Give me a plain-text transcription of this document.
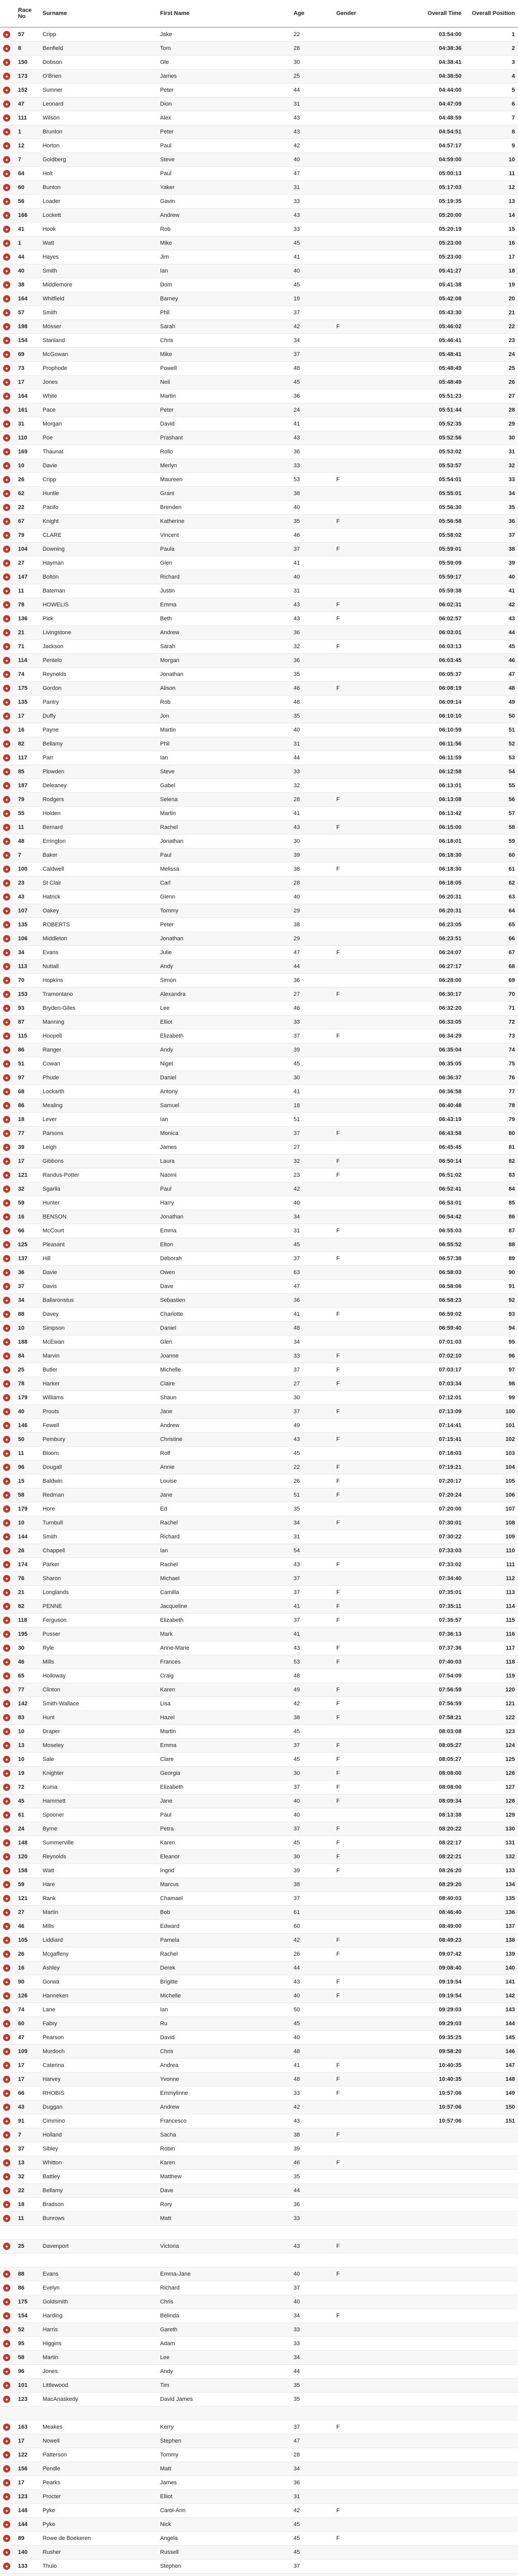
	Race No	Surname	First Name	Age	Gender	Overall Time	Overall Position
●	57	Cripp	Jake	22		03:54:00	1
●	8	Benfield	Tom	28		04:38:36	2
●	150	Dobson	Ole	30		04:38:41	3
●	173	O'Brien	James	25		04:38:50	4
●	152	Sumner	Peter	44		04:44:00	5
●	47	Leonard	Dion	31		04:47:09	6
●	111	Wilson	Alex	43		04:48:59	7
●	1	Brunton	Peter	43		04:54:51	8
●	12	Horton	Paul	42		04:57:17	9
●	7	Goldberg	Steve	40		04:59:00	10
●	64	Holt	Paul	47		05:00:13	11
●	60	Bunton	Yaker	31		05:17:03	12
●	56	Loader	Gavin	33		05:19:35	13
●	166	Lockett	Andrew	43		05:20:00	14
●	41	Hook	Rob	33		05:20:19	15
●	1	Watt	Mike	45		05:23:00	16
●	44	Hayes	Jim	41		05:23:00	17
●	40	Smith	Ian	40		05:41:27	18
●	38	Middlemore	Dom	45		05:41:38	19
●	164	Whitfield	Barney	19		05:42:08	20
●	57	Smith	Phil	37		05:43:30	21
●	198	Mosser	Sarah	42	F	05:46:02	22
●	154	Stanland	Chris	34		05:46:41	23
●	69	McGowan	Mike	37		05:48:41	24
●	73	Prophode	Powell	48		05:48:49	25
●	17	Jones	Neil	45		05:48:49	26
●	164	White	Martin	36		05:51:23	27
●	161	Pace	Peter	24		05:51:44	28
●	31	Morgan	David	41		05:52:35	29
●	110	Poe	Prashant	43		05:52:56	30
●	169	Thaunat	Rollo	36		05:53:02	31
●	10	Davie	Merlyn	33		05:53:57	32
●	26	Cripp	Maureen	53	F	05:54:01	33
●	62	Huntle	Grant	38		05:55:01	34
●	22	Pacifo	Brenden	40		05:56:30	35
●	67	Knight	Katherine	35	F	05:56:58	36
●	79	CLARE	Vincent	46		05:58:02	37
●	104	Downing	Paula	37	F	05:59:01	38
●	27	Hayman	Glen	41		05:59:09	39
●	147	Bolton	Richard	40		05:59:17	40
●	11	Bateman	Justin	31		05:59:38	41
●	78	HOWELIS	Emma	43	F	06:02:31	42
●	136	Pick	Beth	43	F	06:02:57	43
●	21	Livingstone	Andrew	36		06:03:01	44
●	71	Jackson	Sarah	32	F	06:03:13	45
●	114	Pentelo	Morgan	36		06:03:45	46
●	74	Reynolds	Jonathan	35		06:05:37	47
●	175	Gordon	Alison	46	F	06:08:19	48
●	135	Pantry	Rob	48		06:09:14	49
●	17	Duffy	Jon	35		06:10:10	50
●	16	Payne	Martin	40		06:10:59	51
●	82	Bellamy	Phil	31		06:11:56	52
●	117	Parr	Ian	44		06:11:59	53
●	85	Plowden	Steve	33		06:12:58	54
●	187	Deleaney	Gabel	32		06:13:01	55
●	79	Rodgers	Selena	28	F	06:13:08	56
●	55	Holden	Martin	41		06:13:42	57
●	11	Bernard	Rachel	43	F	06:15:00	58
●	48	Errington	Jonathan	30		06:18:01	59
●	7	Baker	Paul	39		06:18:30	60
●	100	Caldwell	Melissa	38	F	06:18:30	61
●	23	St Clair	Carl	28		06:18:05	62
●	43	Hatrick	Glenn	40		06:20:31	63
●	107	Oakey	Tommy	29		06:20:31	64
●	135	ROBERTS	Peter	38		06:23:05	65
●	106	Middleton	Jonathan	29		06:23:51	66
●	34	Evans	Julie	47	F	06:24:07	67
●	113	Nuttall	Andy	44		06:27:17	68
●	70	Hopkins	Simon	36		06:28:00	69
●	153	Tramontano	Alexandra	27	F	06:30:17	70
●	93	Bryden-Giles	Lee	46		06:32:20	71
●	87	Manning	Elliot	33		06:33:05	72
●	115	Hoopell	Elizabeth	37	F	06:34:29	73
●	86	Ranger	Andy	39		06:35:04	74
●	51	Cowan	Nigel	45		06:35:05	75
●	97	Phude	Daniel	30		06:36:37	76
●	68	Lockarth	Antony	41		06:36:58	77
●	86	Mealing	Samuel	18		06:40:48	78
●	18	Lever	Ian	51		06:43:19	79
●	77	Parsons	Monica	37	F	06:43:58	80
●	39	Leigh	James	27		06:45:45	81
●	17	Gibbons	Laura	32	F	06:50:14	82
●	121	Randus-Potter	Naomi	23	F	06:51:02	83
●	32	Sgarlla	Paul	42		06:52:41	84
●	59	Hunter	Harry	40		06:53:01	85
●	16	BENSON	Jonathan	34		06:54:42	86
●	66	McCourt	Emma	31	F	06:55:03	87
●	125	Pleasant	Elton	45		06:55:52	88
●	137	Hill	Deborah	37	F	06:57:38	89
●	36	Davie	Owen	63		06:58:03	90
●	37	Davis	Dave	47		06:58:06	91
●	34	Ballaronstus	Sebastien	36		06:58:23	92
●	88	Davey	Charlotte	41	F	06:59:02	93
●	10	Simpson	Daniel	48		06:59:40	94
●	188	McEwan	Glen	34		07:01:03	95
●	84	Marvin	Joanne	33	F	07:02:10	96
●	25	Butler	Michelle	37	F	07:03:17	97
●	78	Harker	Claire	27	F	07:03:34	98
●	179	Williams	Shaun	30		07:12:01	99
●	40	Prouts	Jane	37	F	07:13:09	100
●	146	Fewell	Andrew	49		07:14:41	101
●	50	Pembury	Christine	43	F	07:15:41	102
●	11	Bloom	Rolf	45		07:18:03	103
●	96	Dougall	Annie	22	F	07:19:21	104
●	15	Baldwin	Louise	26	F	07:20:17	105
●	58	Redman	Jane	51	F	07:20:24	106
●	179	Hore	Ed	35		07:20:00	107
●	10	Turnbull	Rachel	34	F	07:30:01	108
●	144	Smith	Richard	31		07:30:22	109
●	26	Chappell	Ian	54		07:33:03	110
●	174	Parker	Rachel	43	F	07:33:02	111
●	76	Sharon	Michael	37		07:34:40	112
●	21	Longlands	Camilla	37	F	07:35:01	113
●	82	PENNE	Jacqueline	41	F	07:35:11	114
●	118	Ferguson	Elizabeth	37	F	07:35:57	115
●	195	Pusser	Mark	41		07:36:13	116
●	30	Ryle	Anne-Marie	43	F	07:37:36	117
●	46	Mills	Frances	53	F	07:40:03	118
●	65	Holloway	Craig	48		07:54:09	119
●	77	Clinton	Karen	49	F	07:56:59	120
●	142	Smith-Wallace	Lisa	42	F	07:56:59	121
●	83	Hunt	Hazel	38	F	07:58:21	122
●	10	Draper	Martin	45		08:03:08	123
●	13	Moseley	Emma	37	F	08:05:27	124
●	10	Sale	Clare	45	F	08:05:27	125
●	19	Knighter	Georgia	30	F	08:08:00	126
●	72	Kuma	Elizabeth	37	F	08:08:00	127
●	45	Hammett	Jane	40	F	08:09:34	128
●	61	Spooner	Paul	40		08:13:38	129
●	24	Byrne	Petra	37	F	08:20:22	130
●	148	Summerville	Karen	45	F	08:22:17	131
●	120	Reynolds	Eleanor	30	F	08:22:21	132
●	158	Watt	Ingrid	39	F	08:26:20	133
●	59	Hare	Marcus	38		08:29:20	134
●	121	Rank	Chamael	37		08:40:03	135
●	27	Martin	Bob	61		08:46:40	136
●	46	Mills	Edward	60		08:49:00	137
●	105	Liddiard	Pamela	42	F	08:49:23	138
●	26	Mcgaffeny	Rachel	26	F	09:07:42	139
●	16	Ashley	Derek	44		09:08:40	140
●	90	Gorwa	Brigitte	43	F	09:19:54	141
●	126	Hanneken	Michelle	40	F	09:19:54	142
●	74	Lane	Ian	50		09:29:03	143
●	60	Fabry	Ru	45		09:29:03	144
●	47	Pearson	David	40		09:35:25	145
●	109	Murdoch	Chris	48		09:58:20	146
●	17	Caterina	Andrea	41	F	10:40:35	147
●	17	Harvey	Yvonne	48	F	10:40:35	148
●	66	RHOBIS	Emmylinne	33	F	10:57:06	149
●	43	Duggan	Andrew	42		10:57:06	150
●	91	Cimmino	Francesco	43		10:57:06	151
●	7	Holland	Sacha	38	F		
●	37	Sibley	Robin	39			
●	13	Whitton	Karen	46	F		
●	32	Battley	Matthew	35			
●	22	Bellamy	Dave	44			
●	18	Bradson	Rory	36			
●	11	Bunrows	Matt	33			

●	25	Davenport	Victoria	43	F		

●	88	Evans	Emma-Jane	40	F		
●	86	Evelyn	Richard	37			
●	175	Goldsmith	Chris	40			
●	154	Harding	Belinda	34	F		
●	52	Harris	Gareth	33			
●	95	Higgins	Adam	33			
●	58	Martin	Lee	34			
●	96	Jones	Andy	44			
●	101	Littlewood	Tim	35			
●	123	MacAnaskedy	David James	35			

●	163	Meakes	Kerry	37	F		
●	17	Nowell	Stephen	47			
●	122	Patterson	Tommy	28			
●	156	Pendle	Matt	34			
●	17	Pearks	James	36			
●	123	Procter	Elliot	31			
●	148	Pyke	Carol-Ann	42	F		
●	144	Pyke	Nick	45			
●	89	Rowe de Boekeren	Angela	45	F		
●	140	Rusher	Russell	45			
●	133	Thulo	Stephen	37			
